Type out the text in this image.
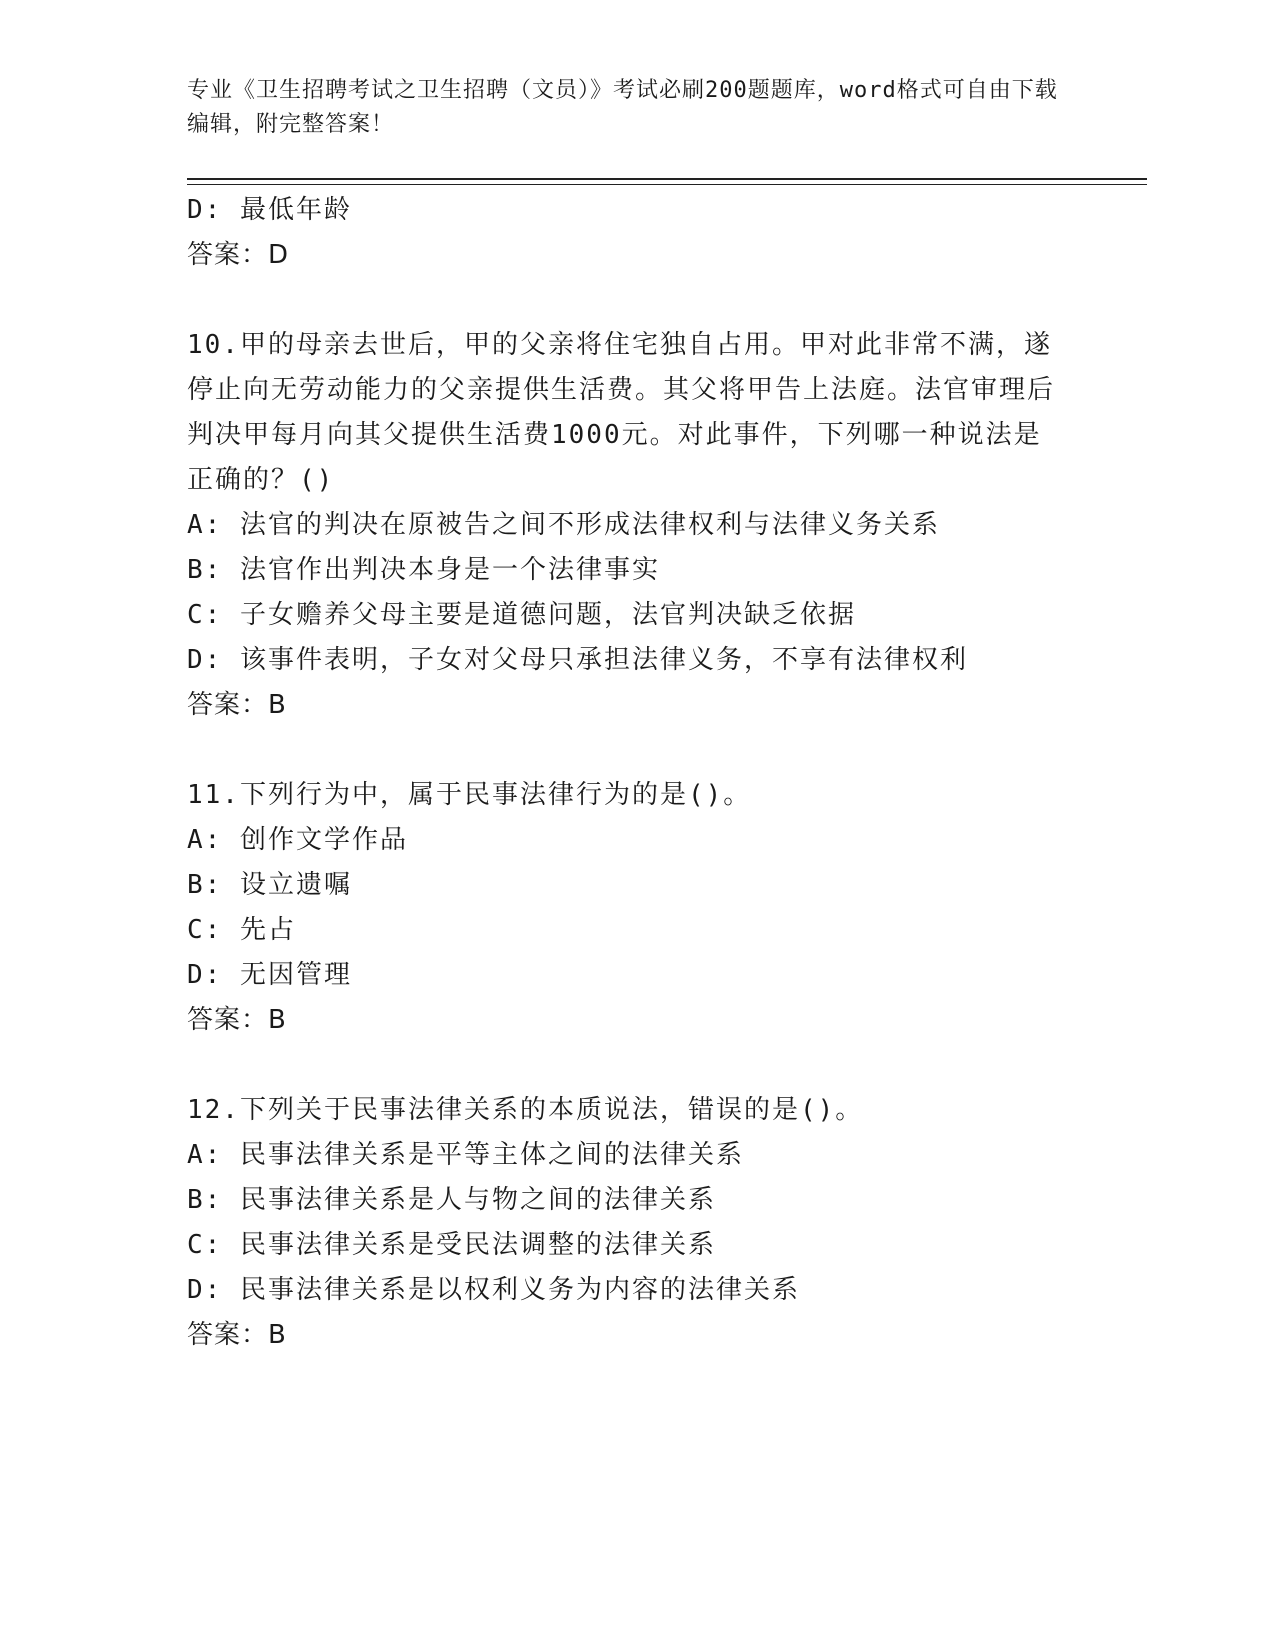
专业《卫生招聘考试之卫生招聘（文员）》考试必刷200题题库，word格式可自由下载编辑，附完整答案！

D: 最低年龄

答案：D

10.甲的母亲去世后，甲的父亲将住宅独自占用。甲对此非常不满，遂停止向无劳动能力的父亲提供生活费。其父将甲告上法庭。法官审理后判决甲每月向其父提供生活费1000元。对此事件，下列哪一种说法是正确的？()

A: 法官的判决在原被告之间不形成法律权利与法律义务关系

B: 法官作出判决本身是一个法律事实

C: 子女赡养父母主要是道德问题，法官判决缺乏依据

D: 该事件表明，子女对父母只承担法律义务，不享有法律权利

答案：B

11.下列行为中，属于民事法律行为的是()。

A: 创作文学作品

B: 设立遗嘱

C: 先占

D: 无因管理

答案：B

12.下列关于民事法律关系的本质说法，错误的是()。

A: 民事法律关系是平等主体之间的法律关系

B: 民事法律关系是人与物之间的法律关系

C: 民事法律关系是受民法调整的法律关系

D: 民事法律关系是以权利义务为内容的法律关系

答案：B
